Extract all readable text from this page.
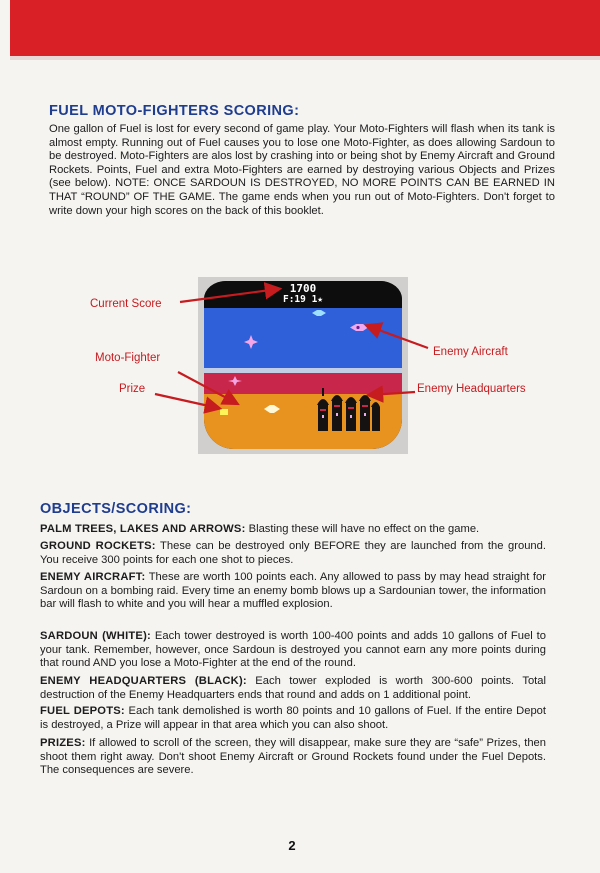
FUEL MOTO-FIGHTERS SCORING:

One gallon of Fuel is lost for every second of game play. Your Moto-Fighters will flash when its tank is almost empty. Running out of Fuel causes you to lose one Moto-Fighter, as does allowing Sardoun to be destroyed. Moto-Fighters are alos lost by crashing into or being shot by Enemy Aircraft and Ground Rockets. Points, Fuel and extra Moto-Fighters are earned by destroying various Objects and Prizes (see below). NOTE: ONCE SARDOUN IS DESTROYED, NO MORE POINTS CAN BE EARNED IN THAT “ROUND” OF THE GAME. The game ends when you run out of Moto-Fighters. Don't forget to write down your high scores on the back of this booklet.

1700
F:19 1★

Current Score

Moto-Fighter

Prize

Enemy Aircraft

Enemy Headquarters

OBJECTS/SCORING:

PALM TREES, LAKES AND ARROWS: Blasting these will have no effect on the game.

GROUND ROCKETS: These can be destroyed only BEFORE they are launched from the ground. You receive 300 points for each one shot to pieces.

ENEMY AIRCRAFT: These are worth 100 points each. Any allowed to pass by may head straight for Sardoun on a bombing raid. Every time an enemy bomb blows up a Sardounian tower, the information bar will flash to white and you will hear a muffled explosion.

SARDOUN (WHITE): Each tower destroyed is worth 100-400 points and adds 10 gallons of Fuel to your tank. Remember, however, once Sardoun is destroyed you cannot earn any more points during that round AND you lose a Moto-Fighter at the end of the round.

ENEMY HEADQUARTERS (BLACK): Each tower exploded is worth 300-600 points. Total destruction of the Enemy Headquarters ends that round and adds on 1 additional point.

FUEL DEPOTS: Each tank demolished is worth 80 points and 10 gallons of Fuel. If the entire Depot is destroyed, a Prize will appear in that area which you can also shoot.

PRIZES: If allowed to scroll of the screen, they will disappear, make sure they are “safe” Prizes, then shoot them right away. Don't shoot Enemy Aircraft or Ground Rockets found under the Fuel Depots. The consequences are severe.

2
